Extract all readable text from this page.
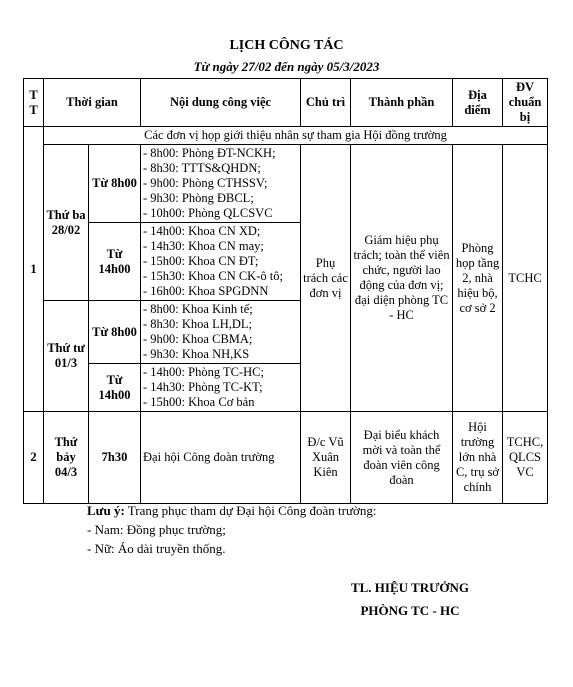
LỊCH CÔNG TÁC
Từ ngày 27/02 đến ngày 05/3/2023
T T	Thời gian		Nội dung công việc	Chủ trì	Thành phần	Địa điểm	ĐV chuẩn bị
1	Các đơn vị họp giới thiệu nhân sự tham gia Hội đồng trường						
	Thứ ba 28/02	Từ 8h00	- 8h00: Phòng ĐT-NCKH;
- 8h30: TTTS&QHDN;
- 9h00: Phòng CTHSSV;
- 9h30: Phòng ĐBCL;
- 10h00: Phòng QLCSVC	Phụ trách các đơn vị	Giám hiệu phụ trách; toàn thể viên chức, người lao động của đơn vị; đại diện phòng TC - HC	Phòng họp tầng 2, nhà hiệu bộ, cơ sở 2	TCHC
		Từ 14h00	- 14h00: Khoa CN XD;
- 14h30: Khoa CN may;
- 15h00: Khoa CN ĐT;
- 15h30: Khoa CN CK-ô tô;
- 16h00: Khoa SPGDNN				

	Thứ tư 01/3	Từ 8h00	- 8h00: Khoa Kinh tế;
- 8h30: Khoa LH,DL;
- 9h00: Khoa CBMA;
- 9h30: Khoa NH,KS				

		Từ 14h00	- 14h00: Phòng TC-HC;
- 14h30: Phòng TC-KT;
- 15h00: Khoa Cơ bản				

2	Thứ bảy 04/3	7h30	Đại hội Công đoàn trường	Đ/c Vũ Xuân Kiên	Đại biểu khách mời và toàn thể đoàn viên công đoàn	Hội trường lớn nhà C, trụ sở chính	TCHC, QLCS VC
Lưu ý: Trang phục tham dự Đại hội Công đoàn trường:
- Nam: Đồng phục trường;
- Nữ: Áo dài truyền thống.
TL. HIỆU TRƯỞNG
PHÒNG TC - HC
